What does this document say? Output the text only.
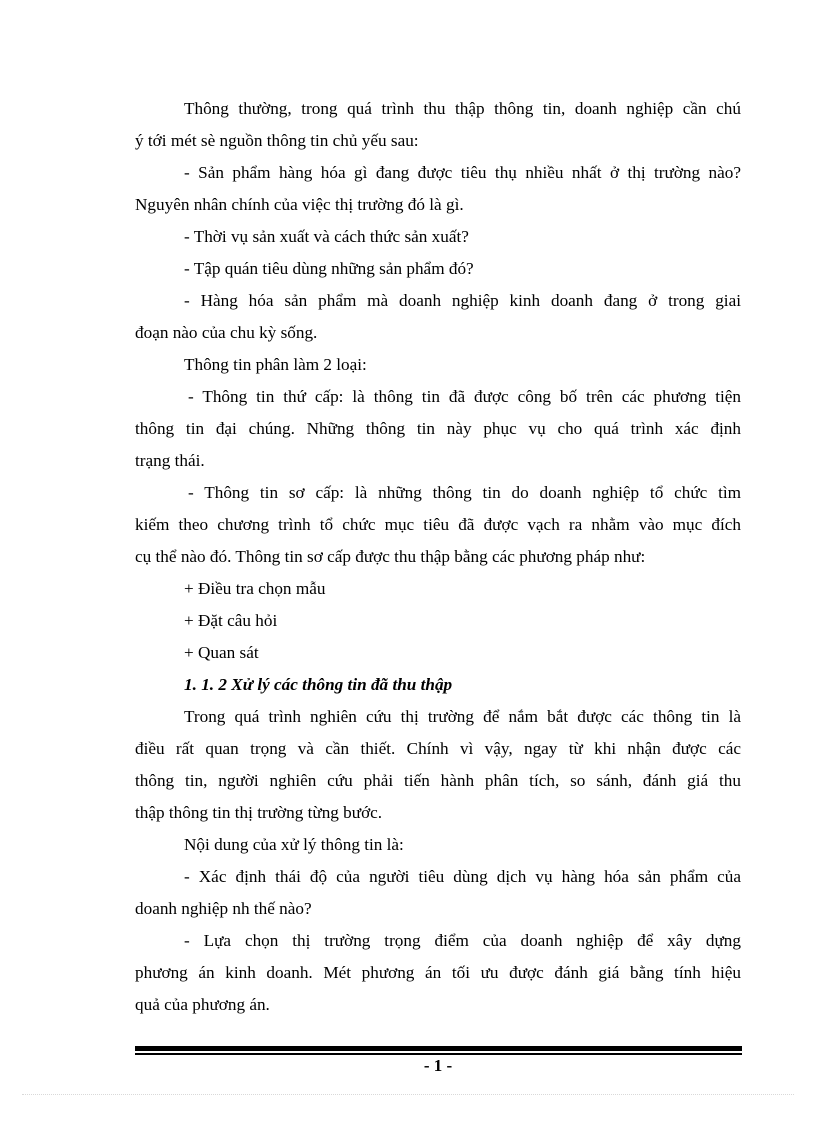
Thông thường, trong quá trình thu thập thông tin, doanh nghiệp cần chú
ý tới mét sè nguồn thông tin chủ yếu sau:
- Sản phẩm hàng hóa gì đang được tiêu thụ nhiều nhất ở thị trường nào?
Nguyên nhân chính của việc thị trường đó là gì.
- Thời vụ sản xuất và cách thức sản xuất?
- Tập quán tiêu dùng những sản phẩm đó?
- Hàng hóa sản phẩm mà doanh nghiệp kinh doanh đang ở trong giai
đoạn nào của chu kỳ sống.
Thông tin phân làm 2 loại:
- Thông tin thứ cấp: là thông tin đã được công bố trên các phương tiện
thông tin đại chúng. Những thông tin này phục vụ cho quá trình xác định
trạng thái.
- Thông tin sơ cấp: là những thông tin do doanh nghiệp tổ chức tìm
kiếm theo chương trình tổ chức mục tiêu đã được vạch ra nhằm vào mục đích
cụ thể nào đó. Thông tin sơ cấp được thu thập bằng các phương pháp như:
+ Điều tra chọn mẫu
+ Đặt câu hỏi
+ Quan sát
1. 1. 2 Xử lý các thông tin đã thu thập
Trong quá trình nghiên cứu thị trường để nắm bắt được các thông tin là
điều rất quan trọng và cần thiết. Chính vì vậy, ngay từ khi nhận được các
thông tin, người nghiên cứu phải tiến hành phân tích, so sánh, đánh giá thu
thập thông tin thị trường từng bước.
Nội dung của xử lý thông tin là:
- Xác định thái độ của người tiêu dùng dịch vụ hàng hóa sản phẩm của
doanh nghiệp nh thế nào?
- Lựa chọn thị trường trọng điểm của doanh nghiệp để xây dựng
phương án kinh doanh. Mét phương án tối ưu được đánh giá bằng tính hiệu
quả của phương án.
- 1 -
